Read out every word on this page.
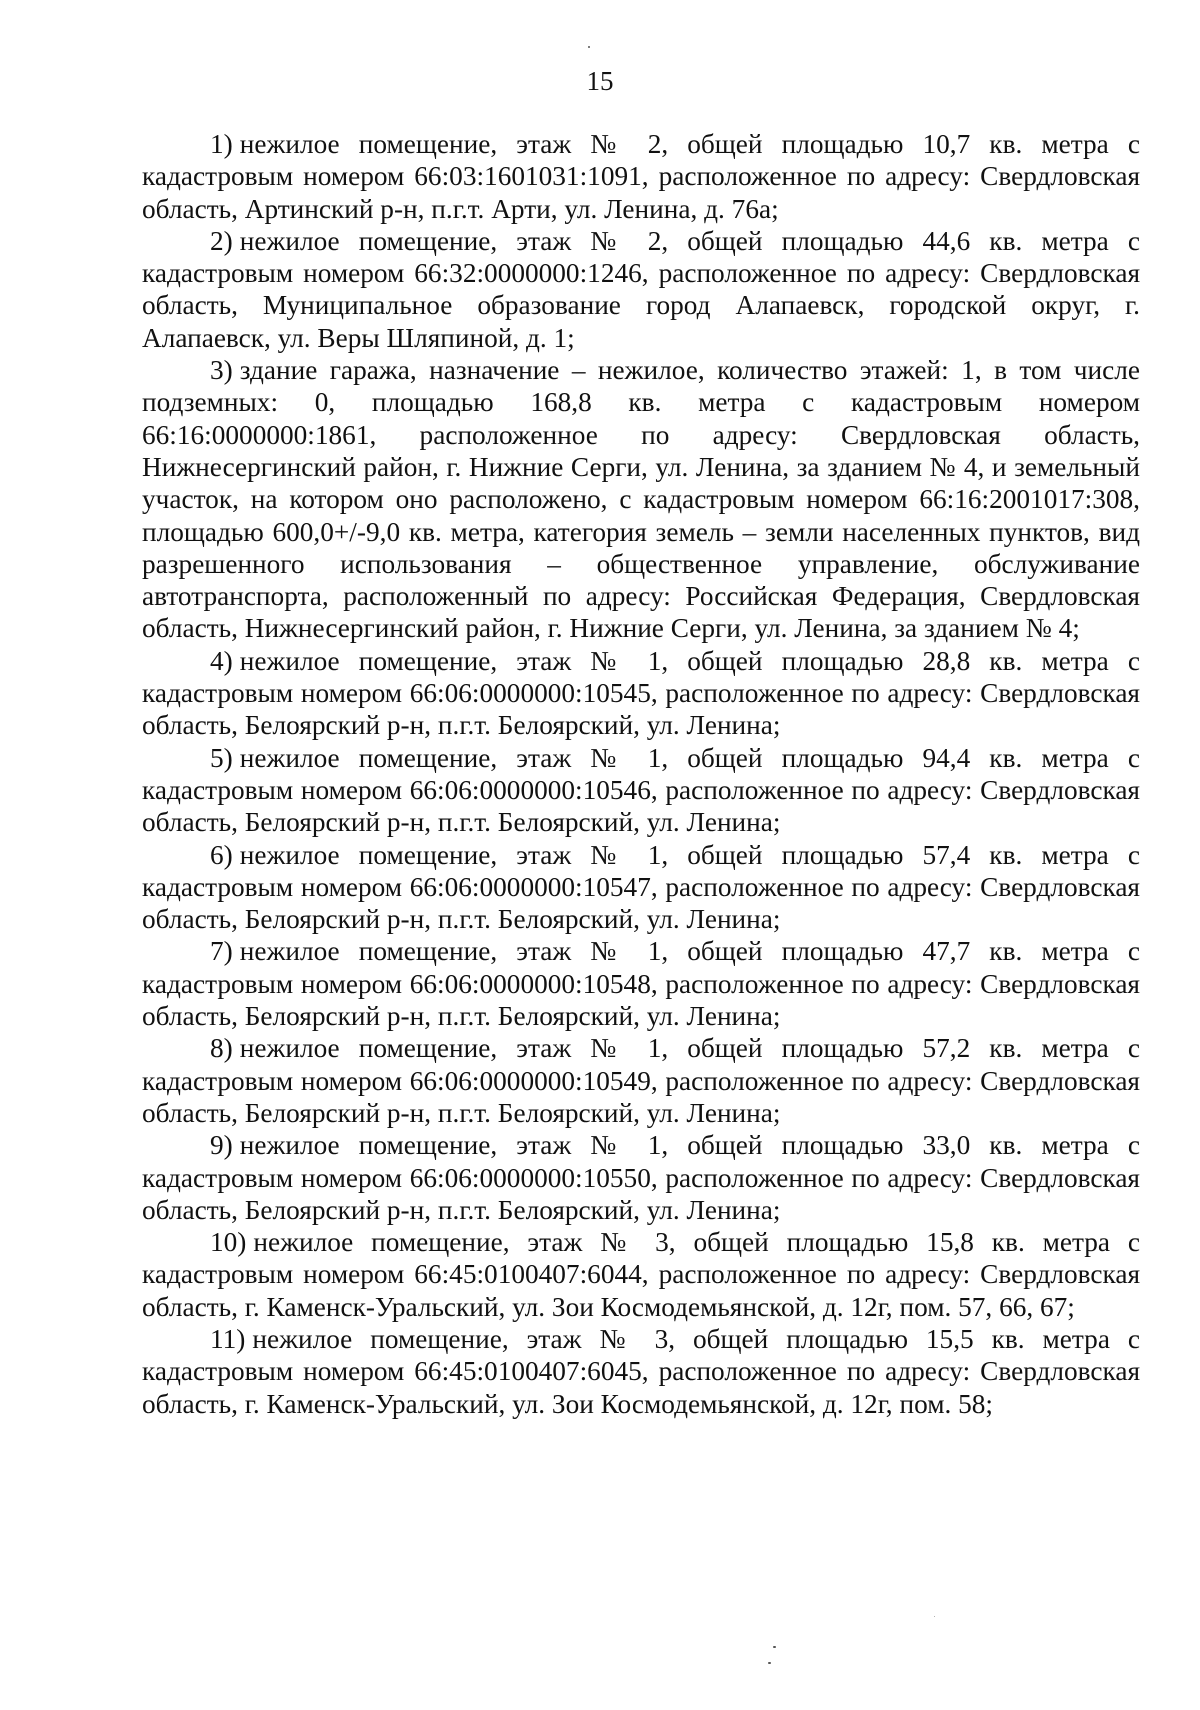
15

1) нежилое помещение, этаж № 2, общей площадью 10,7 кв. метра с кадастровым номером 66:03:1601031:1091, расположенное по адресу: Свердловская область, Артинский р-н, п.г.т. Арти, ул. Ленина, д. 76а;

2) нежилое помещение, этаж № 2, общей площадью 44,6 кв. метра с кадастровым номером 66:32:0000000:1246, расположенное по адресу: Свердловская область, Муниципальное образование город Алапаевск, городской округ, г. Алапаевск, ул. Веры Шляпиной, д. 1;

3) здание гаража, назначение – нежилое, количество этажей: 1, в том числе подземных: 0, площадью 168,8 кв. метра с кадастровым номером 66:16:0000000:1861, расположенное по адресу: Свердловская область, Нижнесергинский район, г. Нижние Серги, ул. Ленина, за зданием № 4, и земельный участок, на котором оно расположено, с кадастровым номером 66:16:2001017:308, площадью 600,0+/-9,0 кв. метра, категория земель – земли населенных пунктов, вид разрешенного использования – общественное управление, обслуживание автотранспорта, расположенный по адресу: Российская Федерация, Свердловская область, Нижнесергинский район, г. Нижние Серги, ул. Ленина, за зданием № 4;

4) нежилое помещение, этаж № 1, общей площадью 28,8 кв. метра с кадастровым номером 66:06:0000000:10545, расположенное по адресу: Свердловская область, Белоярский р-н, п.г.т. Белоярский, ул. Ленина;

5) нежилое помещение, этаж № 1, общей площадью 94,4 кв. метра с кадастровым номером 66:06:0000000:10546, расположенное по адресу: Свердловская область, Белоярский р-н, п.г.т. Белоярский, ул. Ленина;

6) нежилое помещение, этаж № 1, общей площадью 57,4 кв. метра с кадастровым номером 66:06:0000000:10547, расположенное по адресу: Свердловская область, Белоярский р-н, п.г.т. Белоярский, ул. Ленина;

7) нежилое помещение, этаж № 1, общей площадью 47,7 кв. метра с кадастровым номером 66:06:0000000:10548, расположенное по адресу: Свердловская область, Белоярский р-н, п.г.т. Белоярский, ул. Ленина;

8) нежилое помещение, этаж № 1, общей площадью 57,2 кв. метра с кадастровым номером 66:06:0000000:10549, расположенное по адресу: Свердловская область, Белоярский р-н, п.г.т. Белоярский, ул. Ленина;

9) нежилое помещение, этаж № 1, общей площадью 33,0 кв. метра с кадастровым номером 66:06:0000000:10550, расположенное по адресу: Свердловская область, Белоярский р-н, п.г.т. Белоярский, ул. Ленина;

10) нежилое помещение, этаж № 3, общей площадью 15,8 кв. метра с кадастровым номером 66:45:0100407:6044, расположенное по адресу: Свердловская область, г. Каменск-Уральский, ул. Зои Космодемьянской, д. 12г, пом. 57, 66, 67;

11) нежилое помещение, этаж № 3, общей площадью 15,5 кв. метра с кадастровым номером 66:45:0100407:6045, расположенное по адресу: Свердловская область, г. Каменск-Уральский, ул. Зои Космодемьянской, д. 12г, пом. 58;
